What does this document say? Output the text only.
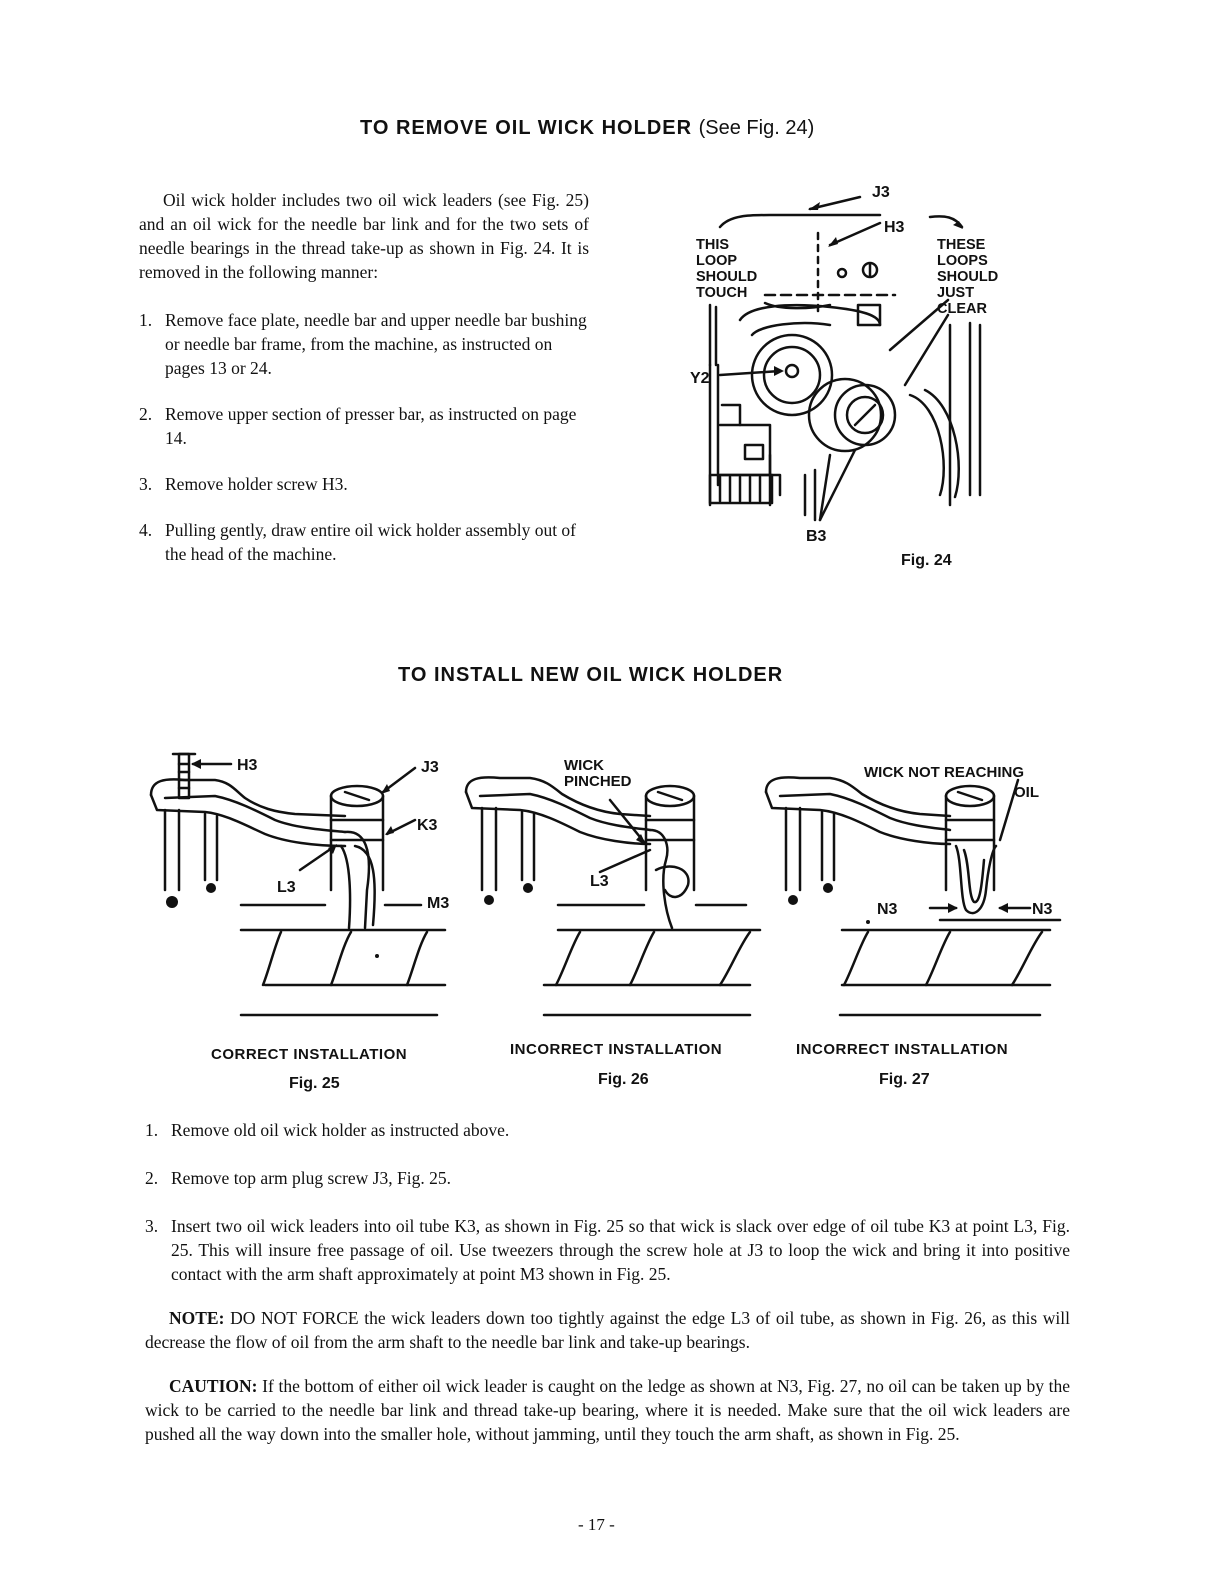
TO REMOVE OIL WICK HOLDER (See Fig. 24)

Oil wick holder includes two oil wick leaders (see Fig. 25) and an oil wick for the needle bar link and for the two sets of needle bearings in the thread take-up as shown in Fig. 24. It is removed in the following manner:

1. Remove face plate, needle bar and upper needle bar bushing or needle bar frame, from the machine, as instructed on pages 13 or 24.
2. Remove upper section of presser bar, as instructed on page 14.
3. Remove holder screw H3.
4. Pulling gently, draw entire oil wick holder assembly out of the head of the machine.
J3
H3
THIS
LOOP
SHOULD
TOUCH
THESE
LOOPS
SHOULD
JUST
CLEAR
Y2
B3
Fig. 24
TO INSTALL NEW OIL WICK HOLDER
H3	J3
K3
L3
M3
CORRECT INSTALLATION
Fig. 25
WICK
PINCHED
L3
INCORRECT INSTALLATION
Fig. 26
WICK NOT REACHING
OIL
N3	N3
INCORRECT INSTALLATION
Fig. 27
1. Remove old oil wick holder as instructed above.
2. Remove top arm plug screw J3, Fig. 25.
3. Insert two oil wick leaders into oil tube K3, as shown in Fig. 25 so that wick is slack over edge of oil tube K3 at point L3, Fig. 25. This will insure free passage of oil. Use tweezers through the screw hole at J3 to loop the wick and bring it into positive contact with the arm shaft approximately at point M3 shown in Fig. 25.

NOTE: DO NOT FORCE the wick leaders down too tightly against the edge L3 of oil tube, as shown in Fig. 26, as this will decrease the flow of oil from the arm shaft to the needle bar link and take-up bearings.

CAUTION: If the bottom of either oil wick leader is caught on the ledge as shown at N3, Fig. 27, no oil can be taken up by the wick to be carried to the needle bar link and thread take-up bearing, where it is needed. Make sure that the oil wick leaders are pushed all the way down into the smaller hole, without jamming, until they touch the arm shaft, as shown in Fig. 25.

- 17 -
